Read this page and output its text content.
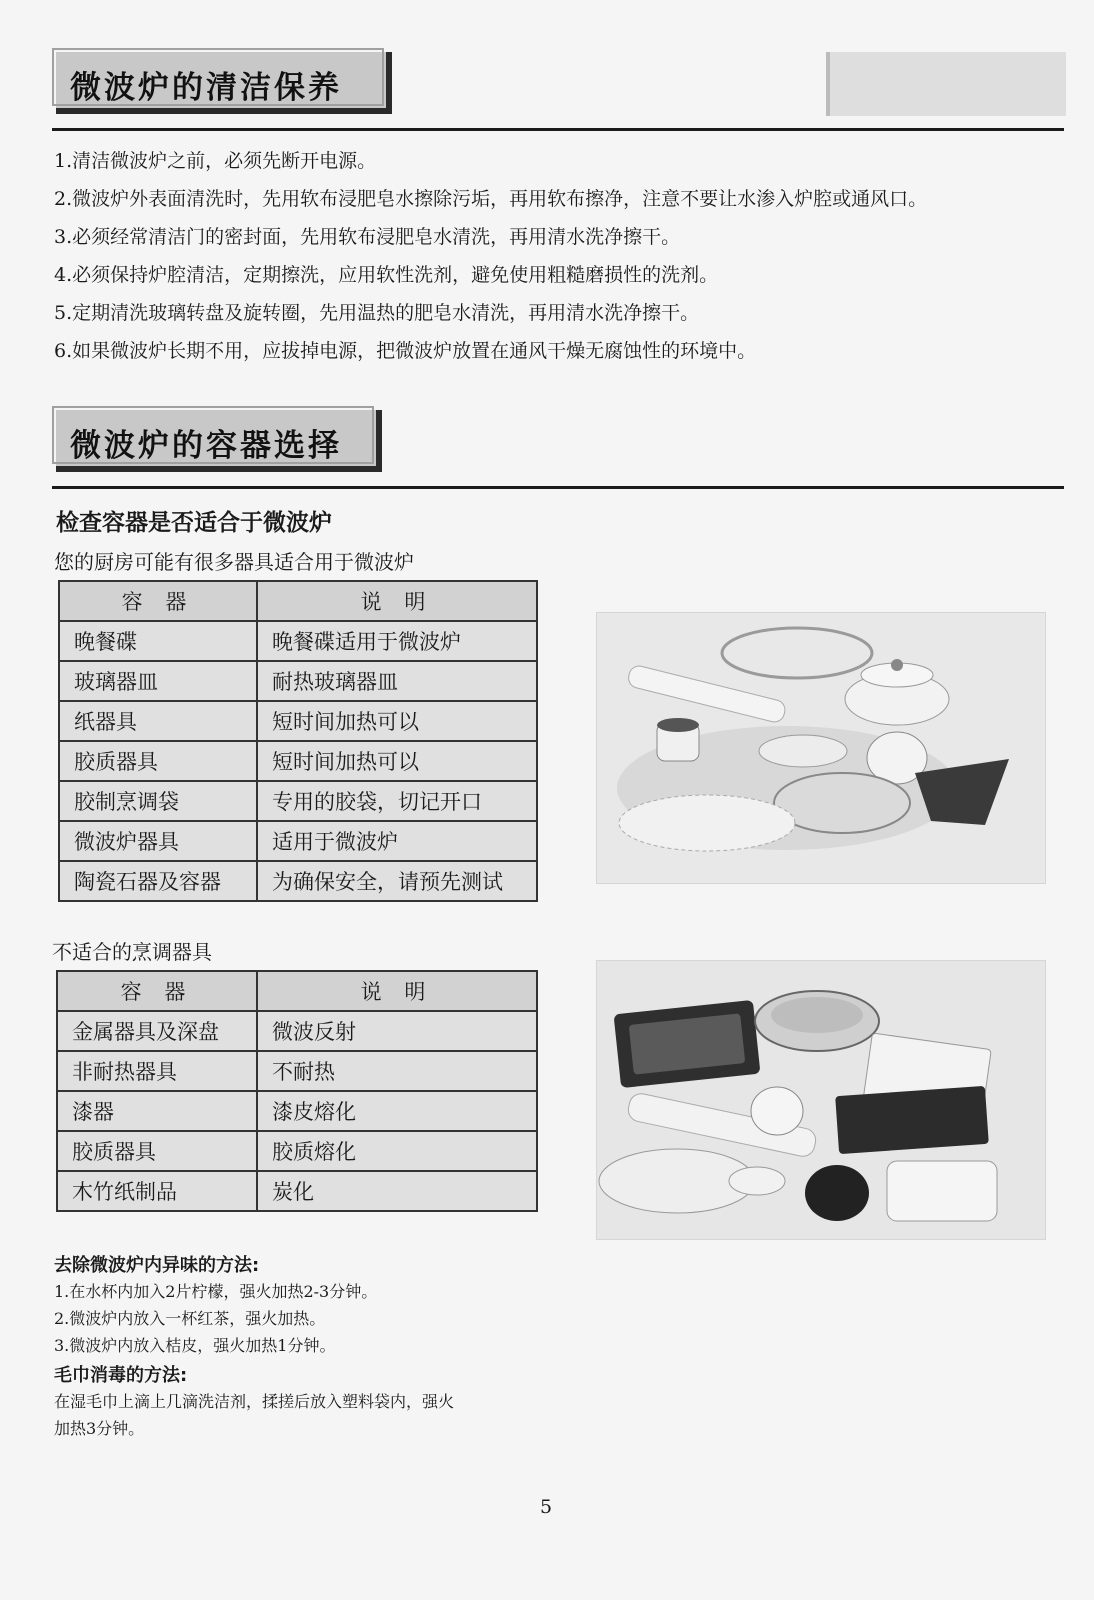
微波炉的清洁保养
1.清洁微波炉之前，必须先断开电源。
2.微波炉外表面清洗时，先用软布浸肥皂水擦除污垢，再用软布擦净，注意不要让水渗入炉腔或通风口。
3.必须经常清洁门的密封面，先用软布浸肥皂水清洗，再用清水洗净擦干。
4.必须保持炉腔清洁，定期擦洗，应用软性洗剂，避免使用粗糙磨损性的洗剂。
5.定期清洗玻璃转盘及旋转圈，先用温热的肥皂水清洗，再用清水洗净擦干。
6.如果微波炉长期不用，应拔掉电源，把微波炉放置在通风干燥无腐蚀性的环境中。
微波炉的容器选择
检查容器是否适合于微波炉
您的厨房可能有很多器具适合用于微波炉
容 器	说 明
晚餐碟	晚餐碟适用于微波炉
玻璃器皿	耐热玻璃器皿
纸器具	短时间加热可以
胶质器具	短时间加热可以
胶制烹调袋	专用的胶袋，切记开口
微波炉器具	适用于微波炉
陶瓷石器及容器	为确保安全，请预先测试
不适合的烹调器具
容 器	说 明
金属器具及深盘	微波反射
非耐热器具	不耐热
漆器	漆皮熔化
胶质器具	胶质熔化
木竹纸制品	炭化
去除微波炉内异味的方法:
1.在水杯内加入2片柠檬，强火加热2-3分钟。
2.微波炉内放入一杯红茶，强火加热。
3.微波炉内放入桔皮，强火加热1分钟。
毛巾消毒的方法:
在湿毛巾上滴上几滴洗洁剂，揉搓后放入塑料袋内，强火
加热3分钟。
5
